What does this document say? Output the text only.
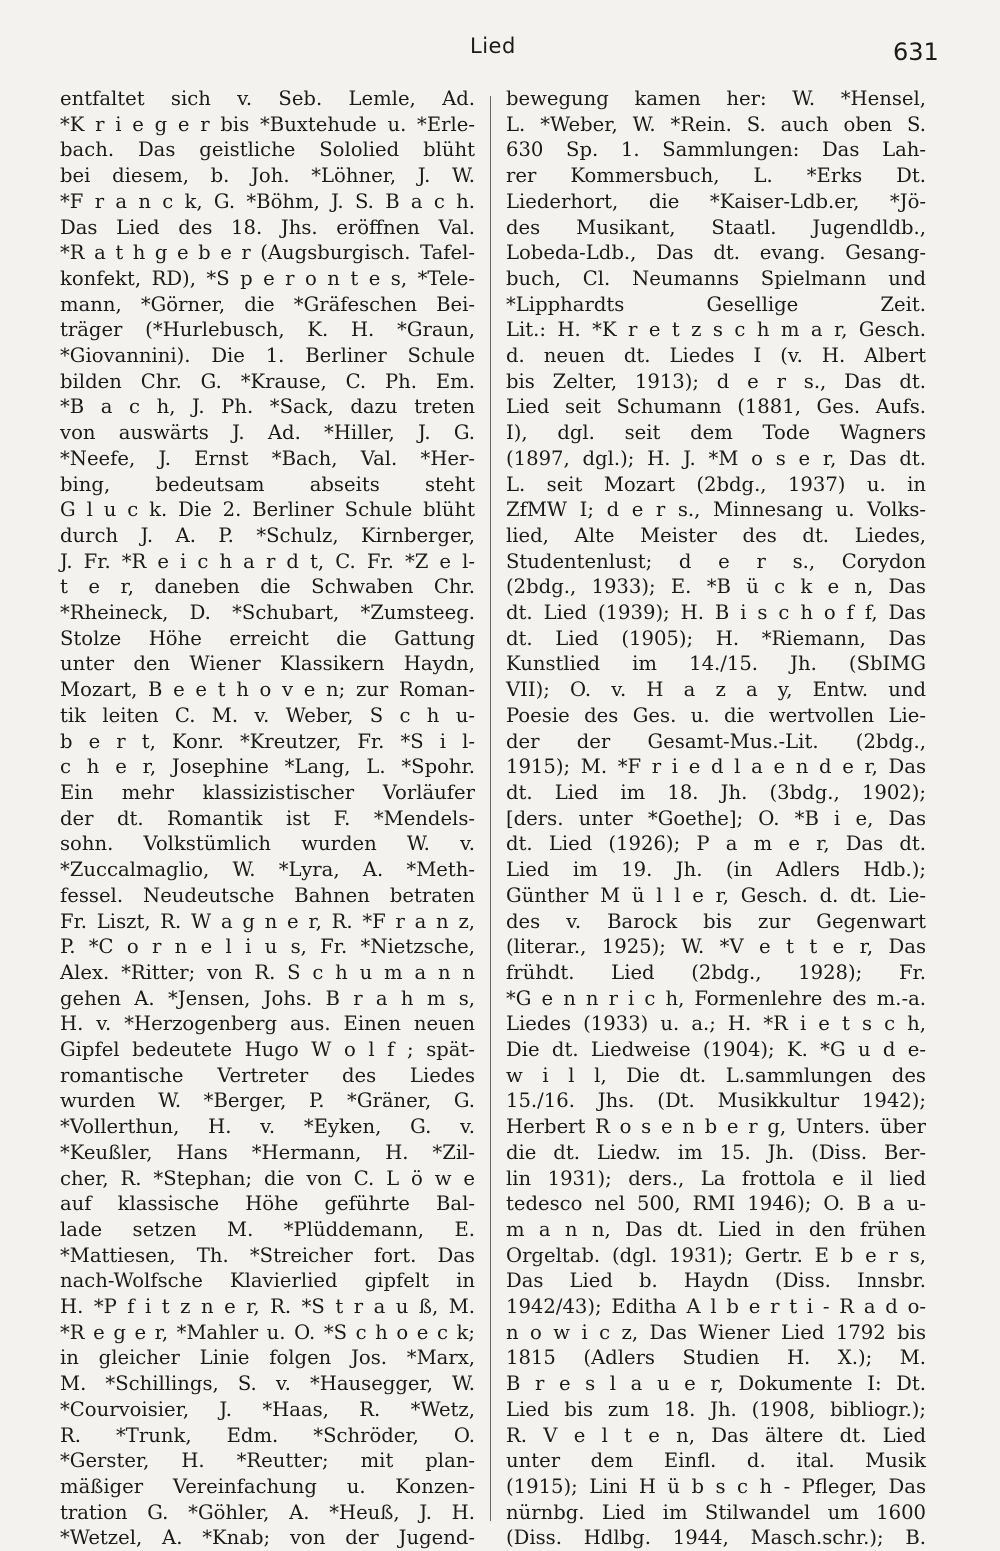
Lied	631
entfaltet sich v. Seb. Lemle, Ad.
*K r i e g e r bis *Buxtehude u. *Erle-
bach. Das geistliche Sololied blüht
bei diesem, b. Joh. *Löhner, J. W.
*F r a n c k, G. *Böhm, J. S. B a c h.
Das Lied des 18. Jhs. eröffnen Val.
*R a t h g e b e r (Augsburgisch. Tafel-
konfekt, RD), *S p e r o n t e s, *Tele-
mann, *Görner, die *Gräfeschen Bei-
träger (*Hurlebusch, K. H. *Graun,
*Giovannini). Die 1. Berliner Schule
bilden Chr. G. *Krause, C. Ph. Em.
*B a c h, J. Ph. *Sack, dazu treten
von auswärts J. Ad. *Hiller, J. G.
*Neefe, J. Ernst *Bach, Val. *Her-
bing, bedeutsam abseits steht
G l u c k. Die 2. Berliner Schule blüht
durch J. A. P. *Schulz, Kirnberger,
J. Fr. *R e i c h a r d t, C. Fr. *Z e l-
t e r, daneben die Schwaben Chr.
*Rheineck, D. *Schubart, *Zumsteeg.
Stolze Höhe erreicht die Gattung
unter den Wiener Klassikern Haydn,
Mozart, B e e t h o v e n; zur Roman-
tik leiten C. M. v. Weber, S c h u-
b e r t, Konr. *Kreutzer, Fr. *S i l-
c h e r, Josephine *Lang, L. *Spohr.
Ein mehr klassizistischer Vorläufer
der dt. Romantik ist F. *Mendels-
sohn. Volkstümlich wurden W. v.
*Zuccalmaglio, W. *Lyra, A. *Meth-
fessel. Neudeutsche Bahnen betraten
Fr. Liszt, R. W a g n e r, R. *F r a n z,
P. *C o r n e l i u s, Fr. *Nietzsche,
Alex. *Ritter; von R. S c h u m a n n
gehen A. *Jensen, Johs. B r a h m s,
H. v. *Herzogenberg aus. Einen neuen
Gipfel bedeutete Hugo W o l f ; spät-
romantische Vertreter des Liedes
wurden W. *Berger, P. *Gräner, G.
*Vollerthun, H. v. *Eyken, G. v.
*Keußler, Hans *Hermann, H. *Zil-
cher, R. *Stephan; die von C. L ö w e
auf klassische Höhe geführte Bal-
lade setzen M. *Plüddemann, E.
*Mattiesen, Th. *Streicher fort. Das
nach-Wolfsche Klavierlied gipfelt in
H. *P f i t z n e r, R. *S t r a u ß, M.
*R e g e r, *Mahler u. O. *S c h o e c k;
in gleicher Linie folgen Jos. *Marx,
M. *Schillings, S. v. *Hausegger, W.
*Courvoisier, J. *Haas, R. *Wetz,
R. *Trunk, Edm. *Schröder, O.
*Gerster, H. *Reutter; mit plan-
mäßiger Vereinfachung u. Konzen-
tration G. *Göhler, A. *Heuß, J. H.
*Wetzel, A. *Knab; von der Jugend-
bewegung kamen her: W. *Hensel,
L. *Weber, W. *Rein. S. auch oben S.
630 Sp. 1. Sammlungen: Das Lah-
rer Kommersbuch, L. *Erks Dt.
Liederhort, die *Kaiser-Ldb.er, *Jö-
des Musikant, Staatl. Jugendldb.,
Lobeda-Ldb., Das dt. evang. Gesang-
buch, Cl. Neumanns Spielmann und
*Lipphardts Gesellige Zeit.
Lit.: H. *K r e t z s c h m a r, Gesch.
d. neuen dt. Liedes I (v. H. Albert
bis Zelter, 1913); d e r s., Das dt.
Lied seit Schumann (1881, Ges. Aufs.
I), dgl. seit dem Tode Wagners
(1897, dgl.); H. J. *M o s e r, Das dt.
L. seit Mozart (2bdg., 1937) u. in
ZfMW I; d e r s., Minnesang u. Volks-
lied, Alte Meister des dt. Liedes,
Studentenlust; d e r s., Corydon
(2bdg., 1933); E. *B ü c k e n, Das
dt. Lied (1939); H. B i s c h o f f, Das
dt. Lied (1905); H. *Riemann, Das
Kunstlied im 14./15. Jh. (SbIMG
VII); O. v. H a z a y, Entw. und
Poesie des Ges. u. die wertvollen Lie-
der der Gesamt-Mus.-Lit. (2bdg.,
1915); M. *F r i e d l a e n d e r, Das
dt. Lied im 18. Jh. (3bdg., 1902);
[ders. unter *Goethe]; O. *B i e, Das
dt. Lied (1926); P a m e r, Das dt.
Lied im 19. Jh. (in Adlers Hdb.);
Günther M ü l l e r, Gesch. d. dt. Lie-
des v. Barock bis zur Gegenwart
(literar., 1925); W. *V e t t e r, Das
frühdt. Lied (2bdg., 1928); Fr.
*G e n n r i c h, Formenlehre des m.-a.
Liedes (1933) u. a.; H. *R i e t s c h,
Die dt. Liedweise (1904); K. *G u d e-
w i l l, Die dt. L.sammlungen des
15./16. Jhs. (Dt. Musikkultur 1942);
Herbert R o s e n b e r g, Unters. über
die dt. Liedw. im 15. Jh. (Diss. Ber-
lin 1931); ders., La frottola e il lied
tedesco nel 500, RMI 1946); O. B a u-
m a n n, Das dt. Lied in den frühen
Orgeltab. (dgl. 1931); Gertr. E b e r s,
Das Lied b. Haydn (Diss. Innsbr.
1942/43); Editha A l b e r t i - R a d o-
n o w i c z, Das Wiener Lied 1792 bis
1815 (Adlers Studien H. X.); M.
B r e s l a u e r, Dokumente I: Dt.
Lied bis zum 18. Jh. (1908, bibliogr.);
R. V e l t e n, Das ältere dt. Lied
unter dem Einfl. d. ital. Musik
(1915); Lini H ü b s c h - Pfleger, Das
nürnbg. Lied im Stilwandel um 1600
(Diss. Hdlbg. 1944, Masch.schr.); B.
